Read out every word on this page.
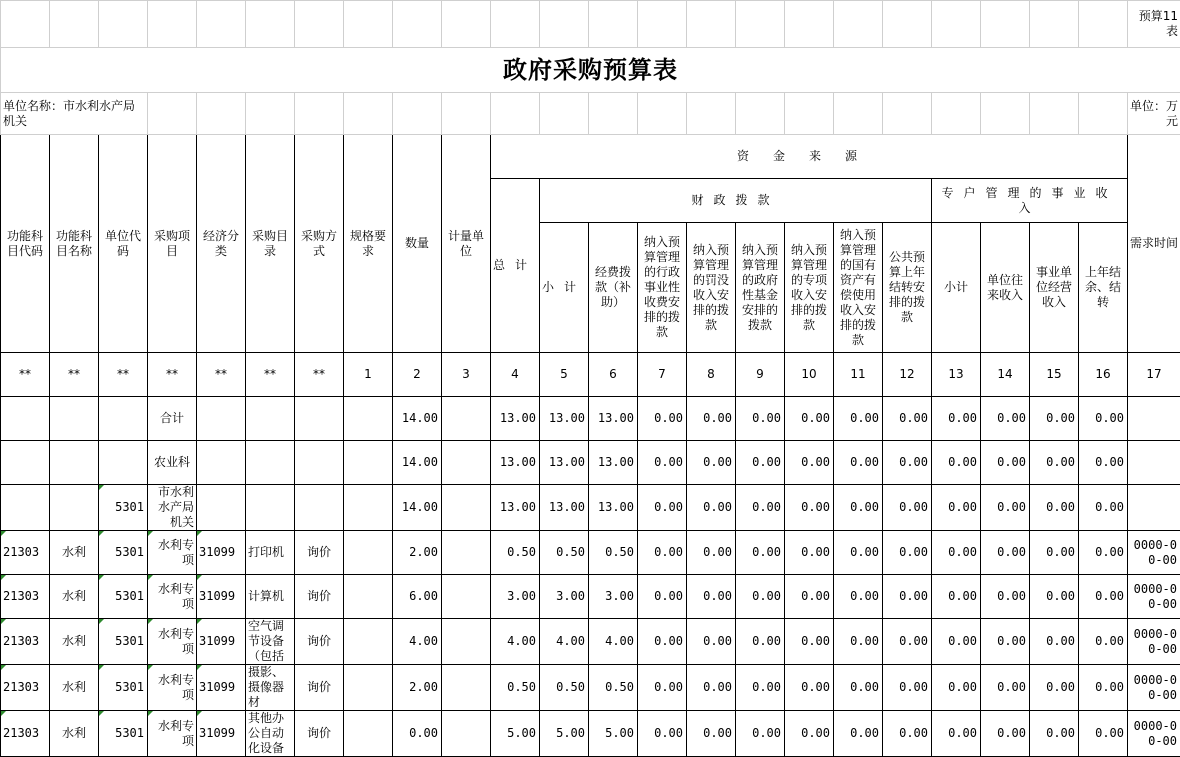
																							预算11表
政府采购预算表																							
单位名称：市水利水产局机关																							单位：万元
功能科目代码	功能科目名称	单位代码	采购项目	经济分类	采购目录	采购方式	规格要求	数量	计量单位	资金来源													需求时间
										总计	财政拨款								专户管理的事业收入				
											小计	经费拨款（补助）	纳入预算管理的行政事业性收费安排的拨款	纳入预算管理的罚没收入安排的拨款	纳入预算管理的政府性基金安排的拨款	纳入预算管理的专项收入安排的拨款	纳入预算管理的国有资产有偿使用收入安排的拨款	公共预算上年结转安排的拨款	小计	单位往来收入	事业单位经营收入	上年结余、结转	
**	**	**	**	**	**	**	1	2	3	4	5	6	7	8	9	10	11	12	13	14	15	16	17
			合计					14.00		13.00	13.00	13.00	0.00	0.00	0.00	0.00	0.00	0.00	0.00	0.00	0.00	0.00	
			农业科					14.00		13.00	13.00	13.00	0.00	0.00	0.00	0.00	0.00	0.00	0.00	0.00	0.00	0.00	
		5301	市水利水产局机关					14.00		13.00	13.00	13.00	0.00	0.00	0.00	0.00	0.00	0.00	0.00	0.00	0.00	0.00	
21303	水利	5301	水利专项	31099	打印机	询价		2.00		0.50	0.50	0.50	0.00	0.00	0.00	0.00	0.00	0.00	0.00	0.00	0.00	0.00	0000-00-00
21303	水利	5301	水利专项	31099	计算机	询价		6.00		3.00	3.00	3.00	0.00	0.00	0.00	0.00	0.00	0.00	0.00	0.00	0.00	0.00	0000-00-00
21303	水利	5301	水利专项	31099	空气调节设备（包括	询价		4.00		4.00	4.00	4.00	0.00	0.00	0.00	0.00	0.00	0.00	0.00	0.00	0.00	0.00	0000-00-00
21303	水利	5301	水利专项	31099	摄影、摄像器材	询价		2.00		0.50	0.50	0.50	0.00	0.00	0.00	0.00	0.00	0.00	0.00	0.00	0.00	0.00	0000-00-00
21303	水利	5301	水利专项	31099	其他办公自动化设备	询价		0.00		5.00	5.00	5.00	0.00	0.00	0.00	0.00	0.00	0.00	0.00	0.00	0.00	0.00	0000-00-00
